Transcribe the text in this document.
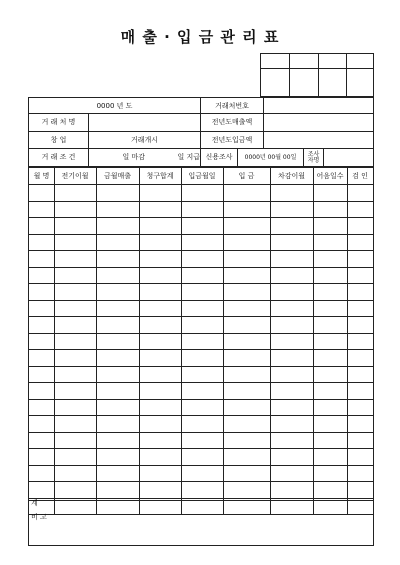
매 출 · 입 금 관 리 표
0000 년 도	거래처번호
거 래 처 명	전년도매출액
창 업	거래개시	전년도입금액
거 래 조 건	일 마감	일 지급 신용조사	0000년 00월 00일	조사
자명
월 명	전기이월	금월매출	청구합계	입금월일	입 금	차감이월	어음일수	검 인
계
비 고
